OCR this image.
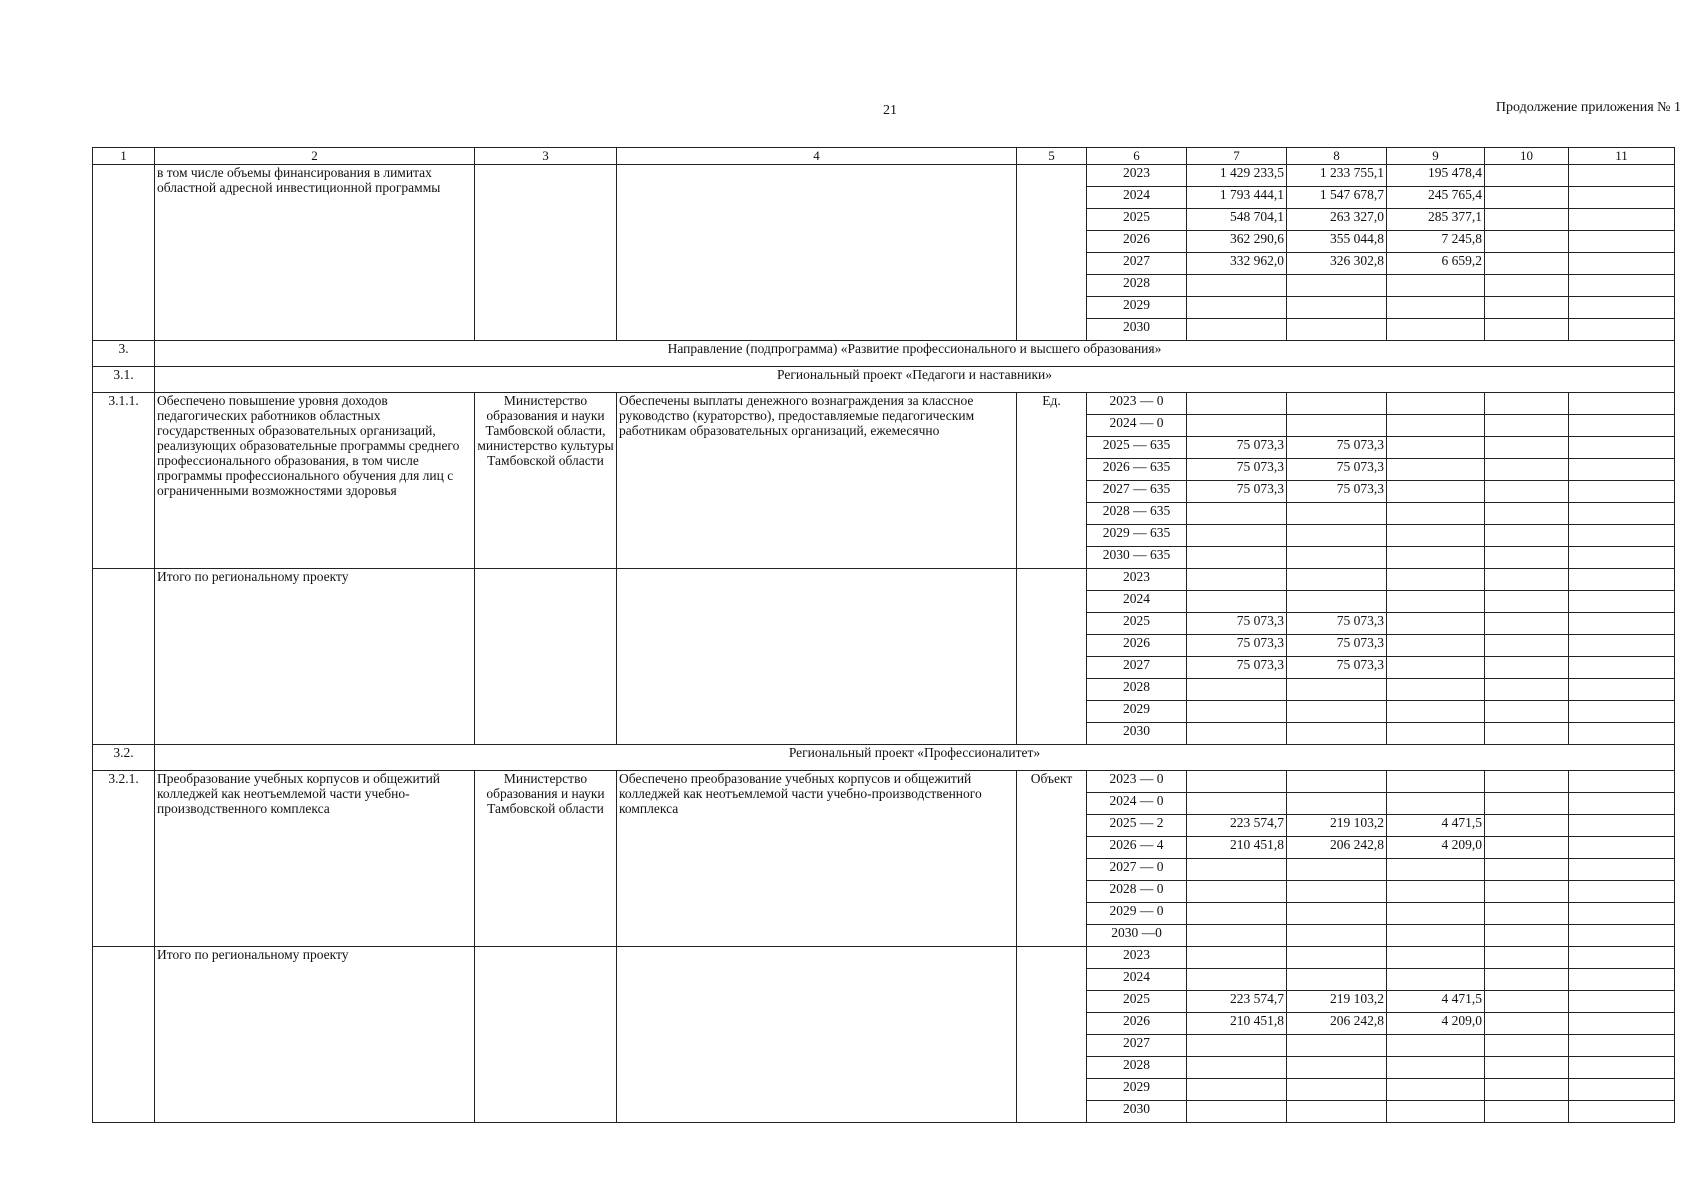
21	Продолжение приложения № 1
1	2	3	4	5	6	7	8	9	10	11
	в том числе объемы финансирования в лимитах областной адресной инвестиционной программы				2023	1 429 233,5	1 233 755,1	195 478,4		
					2024	1 793 444,1	1 547 678,7	245 765,4		
					2025	548 704,1	263 327,0	285 377,1		
					2026	362 290,6	355 044,8	7 245,8		
					2027	332 962,0	326 302,8	6 659,2		
					2028					
					2029					
					2030					
3.	Направление (подпрограмма) «Развитие профессионального и высшего образования»									
3.1.	Региональный проект «Педагоги и наставники»									
3.1.1.	Обеспечено повышение уровня доходов педагогических работников областных государственных образовательных организаций, реализующих образовательные программы среднего профессионального образования, в том числе программы профессионального обучения для лиц с ограниченными возможностями здоровья	Министерство образования и науки Тамбовской области, министерство культуры Тамбовской области	Обеспечены выплаты денежного вознаграждения за классное руководство (кураторство), предоставляемые педагогическим работникам образовательных организаций, ежемесячно	Ед.	2023 — 0					
					2024 — 0					
					2025 — 635	75 073,3	75 073,3			
					2026 — 635	75 073,3	75 073,3			
					2027 — 635	75 073,3	75 073,3			
					2028 — 635					
					2029 — 635					
					2030 — 635					
	Итого по региональному проекту				2023					
					2024					
					2025	75 073,3	75 073,3			
					2026	75 073,3	75 073,3			
					2027	75 073,3	75 073,3			
					2028					
					2029					
					2030					
3.2.	Региональный проект «Профессионалитет»									
3.2.1.	Преобразование учебных корпусов и общежитий колледжей как неотъемлемой части учебно-производственного комплекса	Министерство образования и науки Тамбовской области	Обеспечено преобразование учебных корпусов и общежитий колледжей как неотъемлемой части учебно-производственного комплекса	Объект	2023 — 0					
					2024 — 0					
					2025 — 2	223 574,7	219 103,2	4 471,5		
					2026 — 4	210 451,8	206 242,8	4 209,0		
					2027 — 0					
					2028 — 0					
					2029 — 0					
					2030 —0					
	Итого по региональному проекту				2023					
					2024					
					2025	223 574,7	219 103,2	4 471,5		
					2026	210 451,8	206 242,8	4 209,0		
					2027					
					2028					
					2029					
					2030					
